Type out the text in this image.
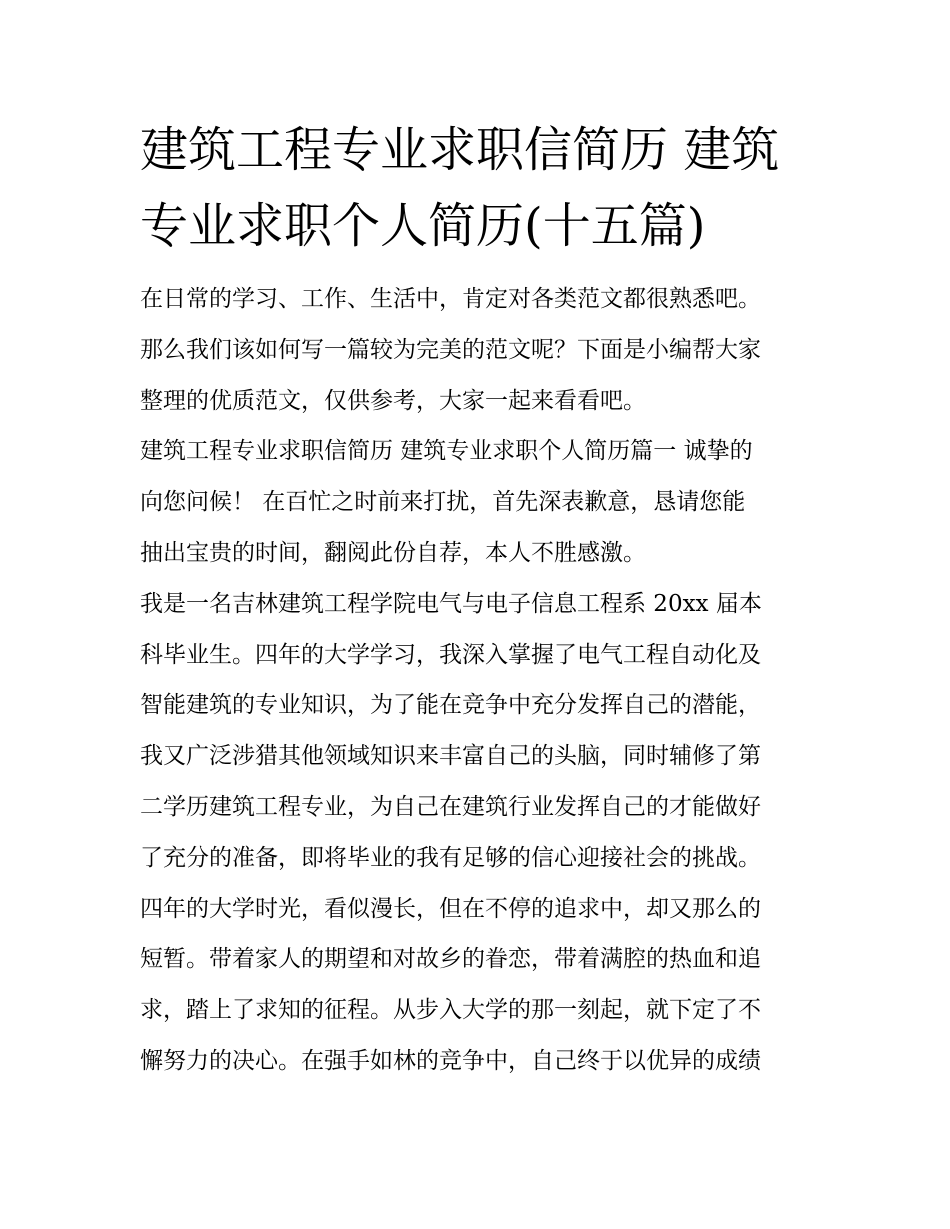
建筑工程专业求职信简历 建筑
专业求职个人简历(十五篇)
在日常的学习、工作、生活中，肯定对各类范文都很熟悉吧。
那么我们该如何写一篇较为完美的范文呢？下面是小编帮大家
整理的优质范文，仅供参考，大家一起来看看吧。
建筑工程专业求职信简历 建筑专业求职个人简历篇一 诚挚的
向您问候！ 在百忙之时前来打扰，首先深表歉意，恳请您能
抽出宝贵的时间，翻阅此份自荐，本人不胜感激。
我是一名吉林建筑工程学院电气与电子信息工程系 20xx 届本
科毕业生。四年的大学学习，我深入掌握了电气工程自动化及
智能建筑的专业知识，为了能在竞争中充分发挥自己的潜能，
我又广泛涉猎其他领域知识来丰富自己的头脑，同时辅修了第
二学历建筑工程专业，为自己在建筑行业发挥自己的才能做好
了充分的准备，即将毕业的我有足够的信心迎接社会的挑战。
四年的大学时光，看似漫长，但在不停的追求中，却又那么的
短暂。带着家人的期望和对故乡的眷恋，带着满腔的热血和追
求，踏上了求知的征程。从步入大学的那一刻起，就下定了不
懈努力的决心。在强手如林的竞争中，自己终于以优异的成绩
